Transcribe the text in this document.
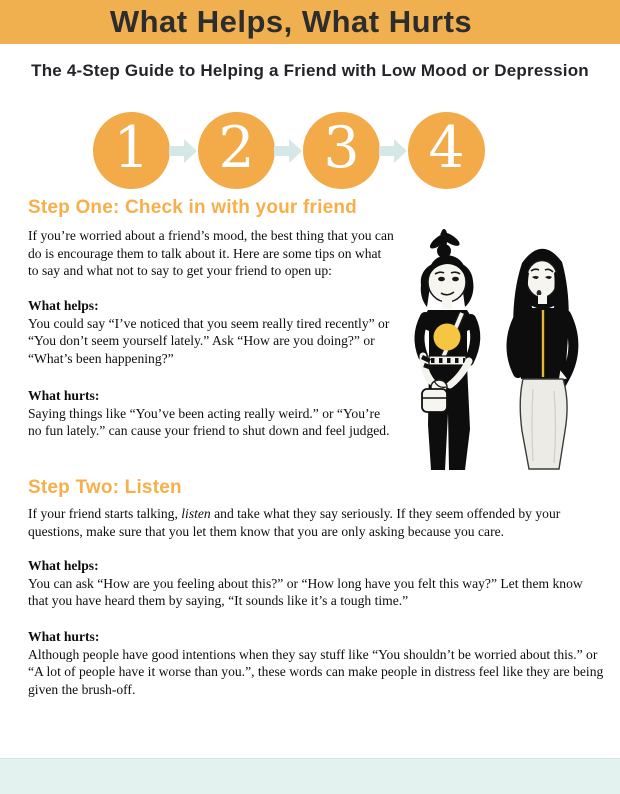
What Helps, What Hurts
The 4-Step Guide to Helping a Friend with Low Mood or Depression
1 2 3 4
Step One: Check in with your friend

If you’re worried about a friend’s mood, the best thing that you can do is encourage them to talk about it. Here are some tips on what to say and what not to say to get your friend to open up:

What helps:
You could say “I’ve noticed that you seem really tired recently” or “You don’t seem yourself lately.” Ask “How are you doing?” or “What’s been happening?”

What hurts:
Saying things like “You’ve been acting really weird.” or “You’re no fun lately.” can cause your friend to shut down and feel judged.

Step Two: Listen

If your friend starts talking, listen and take what they say seriously. If they seem offended by your questions, make sure that you let them know that you are only asking because you care.

What helps:
You can ask “How are you feeling about this?” or “How long have you felt this way?” Let them know that you have heard them by saying, “It sounds like it’s a tough time.”

What hurts:
Although people have good intentions when they say stuff like “You shouldn’t be worried about this.” or “A lot of people have it worse than you.”, these words can make people in distress feel like they are being given the brush-off.
